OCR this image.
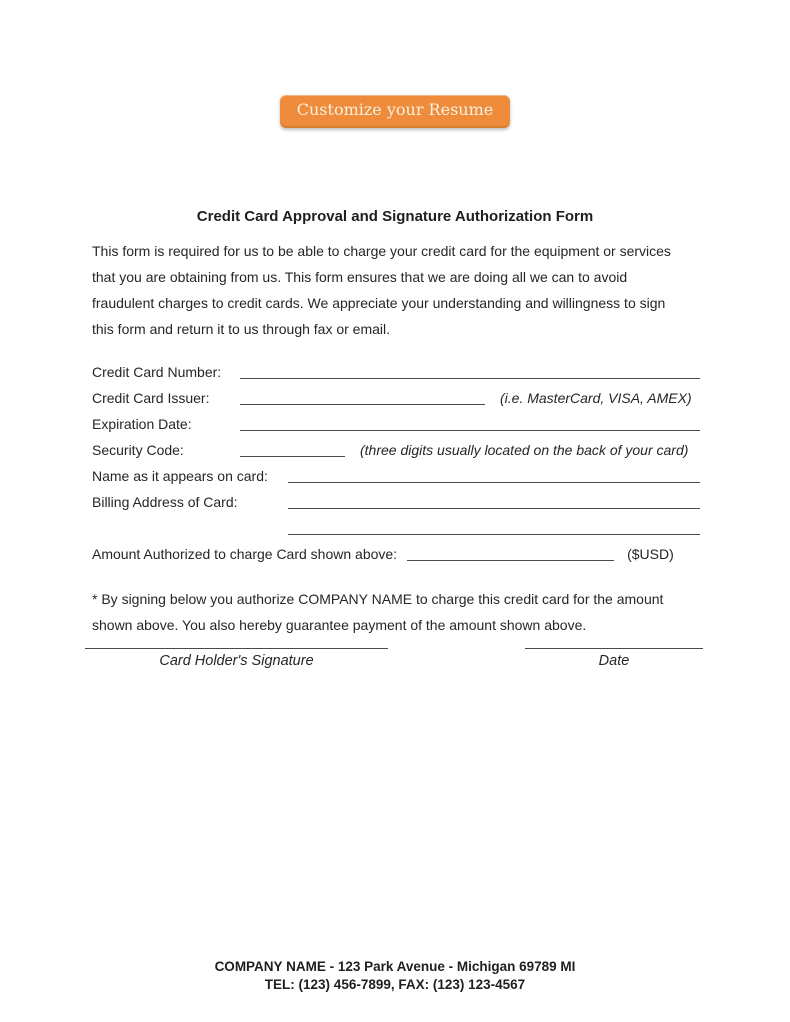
Customize your Resume
Credit Card Approval and Signature Authorization Form
This form is required for us to be able to charge your credit card for the equipment or services
that you are obtaining from us. This form ensures that we are doing all we can to avoid
fraudulent charges to credit cards. We appreciate your understanding and willingness to sign
this form and return it to us through fax or email.
Credit Card Number:
Credit Card Issuer:	(i.e. MasterCard, VISA, AMEX)
Expiration Date:
Security Code:	(three digits usually located on the back of your card)
Name as it appears on card:
Billing Address of Card:
Amount Authorized to charge Card shown above:	($USD)
* By signing below you authorize COMPANY NAME to charge this credit card for the amount
shown above. You also hereby guarantee payment of the amount shown above.
Card Holder's Signature	Date
COMPANY NAME - 123 Park Avenue - Michigan 69789 MI
TEL: (123) 456-7899, FAX: (123) 123-4567
